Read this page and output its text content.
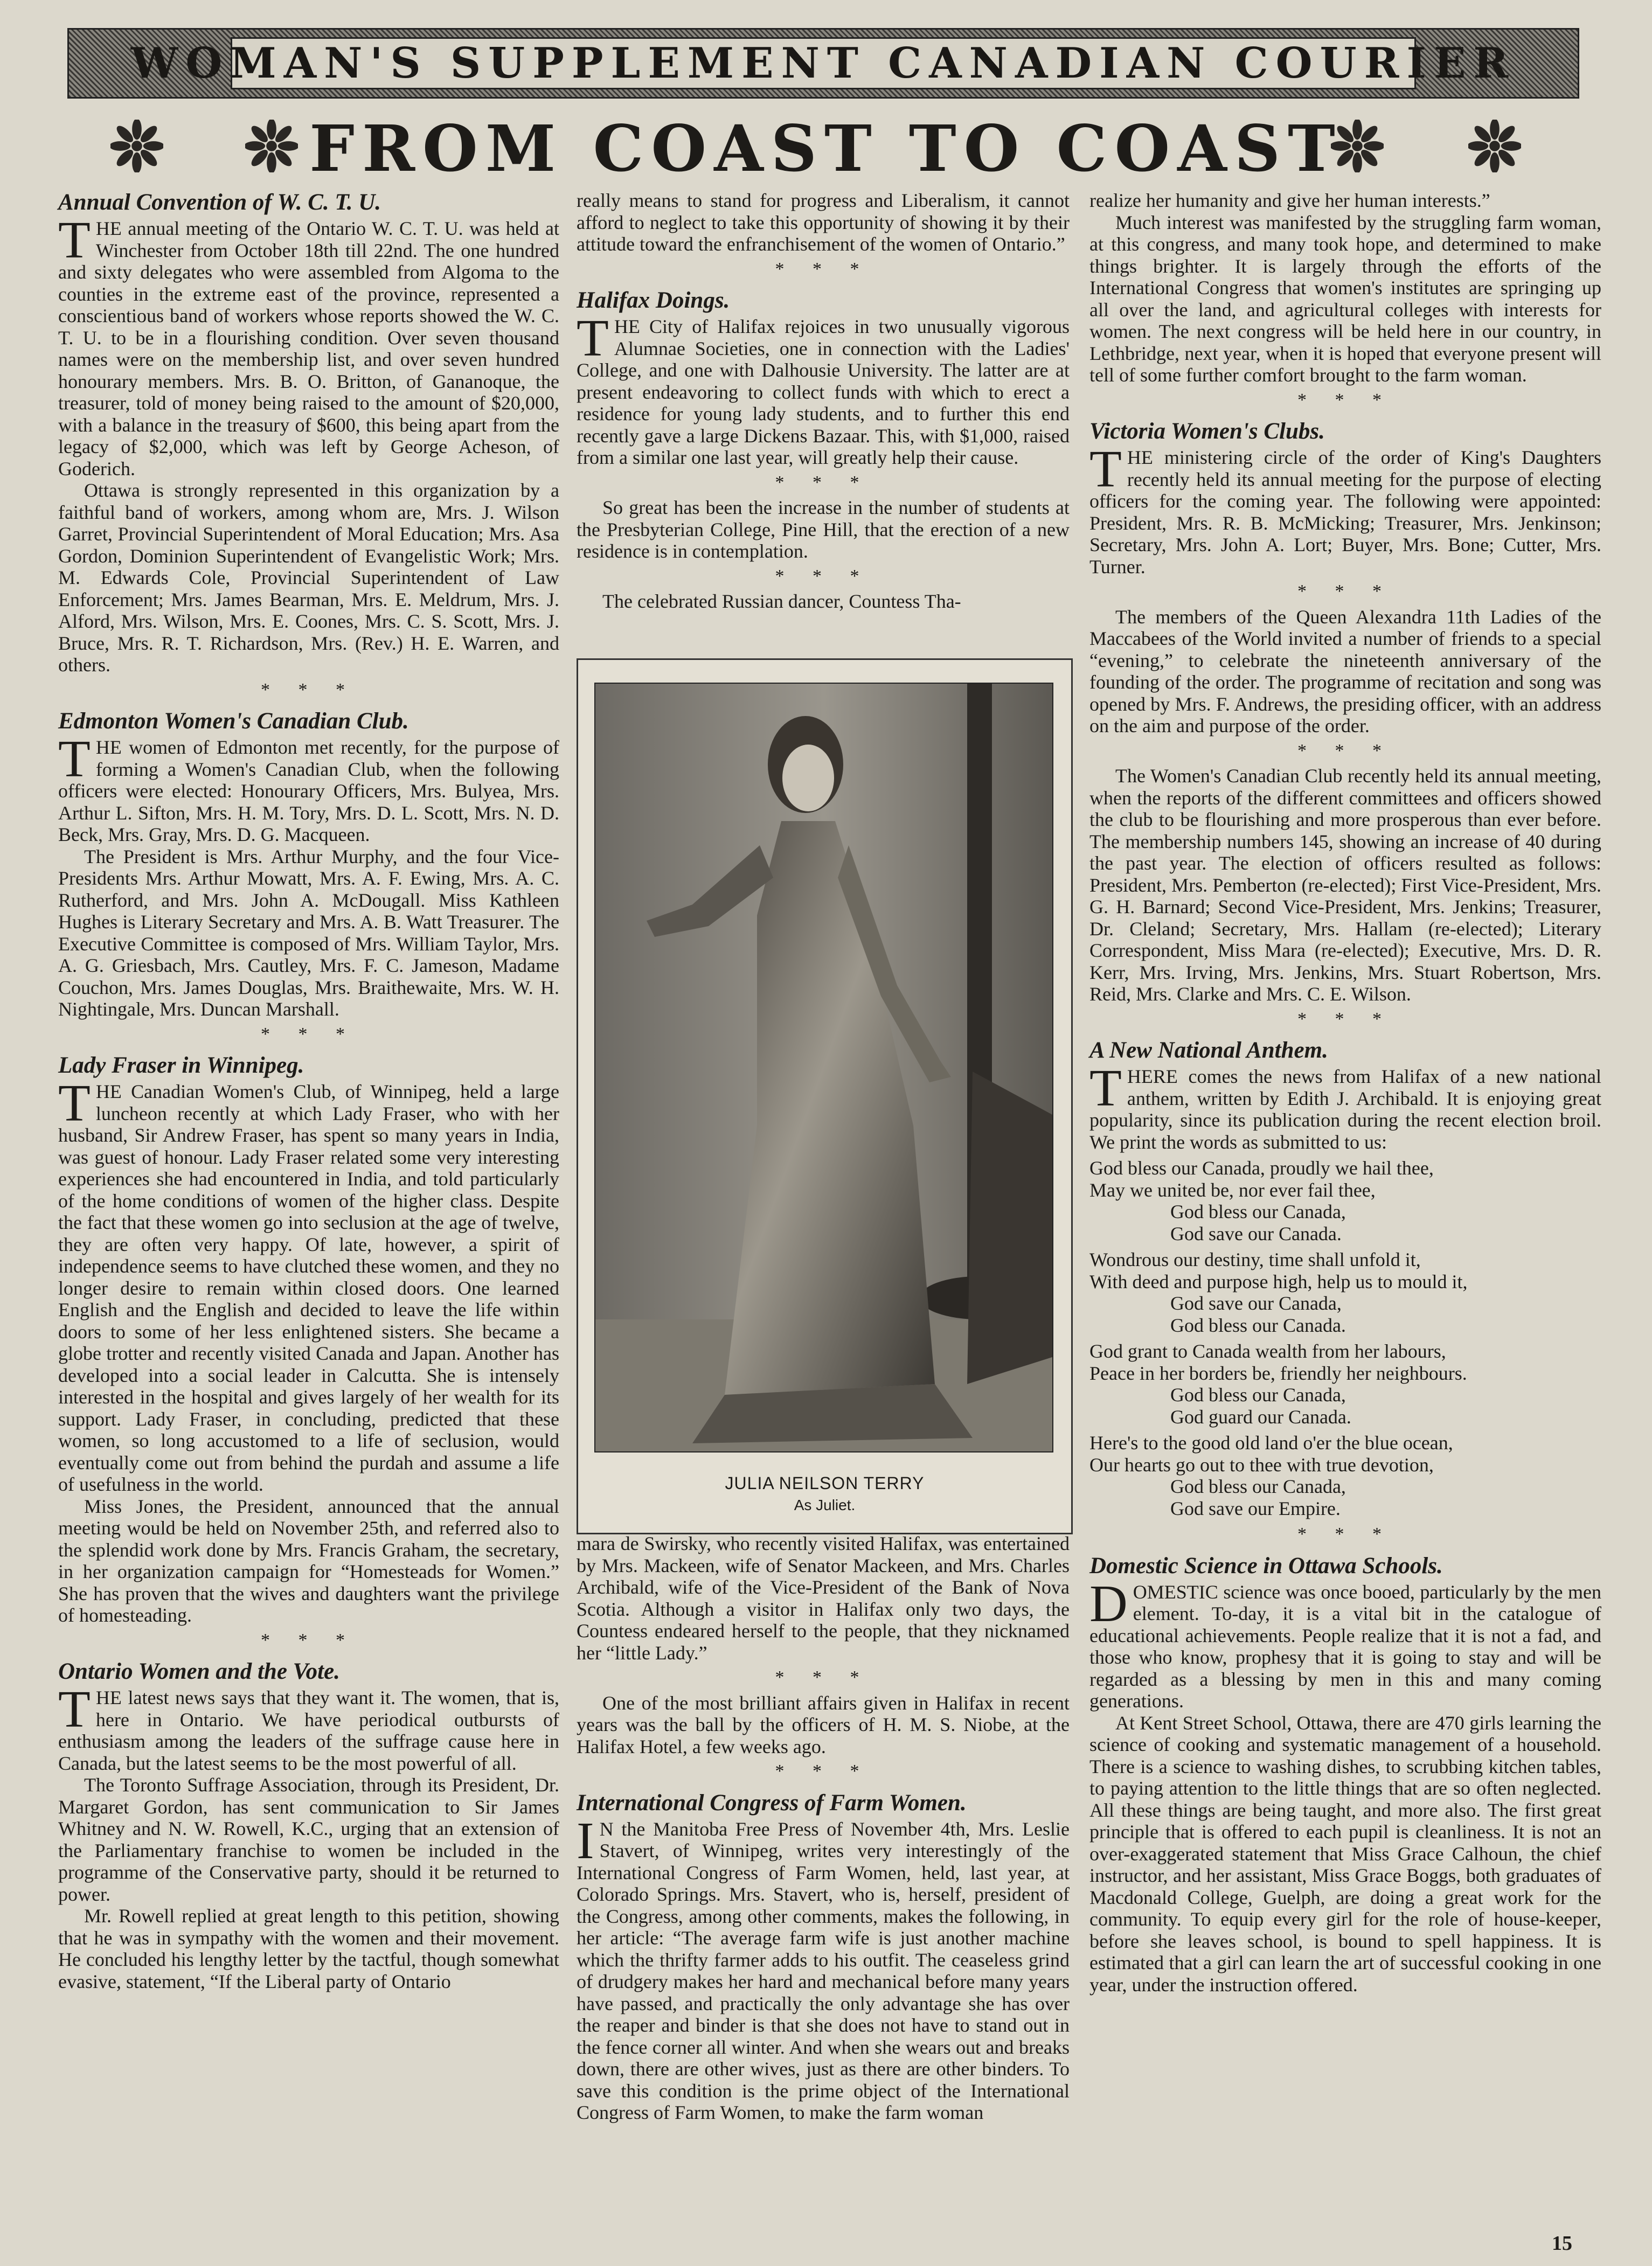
WOMAN'S SUPPLEMENT CANADIAN COURIER
FROM COAST TO COAST
Annual Convention of W. C. T. U.

THE annual meeting of the Ontario W. C. T. U. was held at Winchester from October 18th till 22nd. The one hundred and sixty delegates who were assembled from Algoma to the counties in the extreme east of the province, represented a conscientious band of workers whose reports showed the W. C. T. U. to be in a flourishing condition. Over seven thousand names were on the membership list, and over seven hundred honourary members. Mrs. B. O. Britton, of Gananoque, the treasurer, told of money being raised to the amount of $20,000, with a balance in the treasury of $600, this being apart from the legacy of $2,000, which was left by George Acheson, of Goderich.

Ottawa is strongly represented in this organization by a faithful band of workers, among whom are, Mrs. J. Wilson Garret, Provincial Superintendent of Moral Education; Mrs. Asa Gordon, Dominion Superintendent of Evangelistic Work; Mrs. M. Edwards Cole, Provincial Superintendent of Law Enforcement; Mrs. James Bearman, Mrs. E. Meldrum, Mrs. J. Alford, Mrs. Wilson, Mrs. E. Coones, Mrs. C. S. Scott, Mrs. J. Bruce, Mrs. R. T. Richardson, Mrs. (Rev.) H. E. Warren, and others.

* * *
Edmonton Women's Canadian Club.

THE women of Edmonton met recently, for the purpose of forming a Women's Canadian Club, when the following officers were elected: Honourary Officers, Mrs. Bulyea, Mrs. Arthur L. Sifton, Mrs. H. M. Tory, Mrs. D. L. Scott, Mrs. N. D. Beck, Mrs. Gray, Mrs. D. G. Macqueen.

The President is Mrs. Arthur Murphy, and the four Vice-Presidents Mrs. Arthur Mowatt, Mrs. A. F. Ewing, Mrs. A. C. Rutherford, and Mrs. John A. McDougall. Miss Kathleen Hughes is Literary Secretary and Mrs. A. B. Watt Treasurer. The Executive Committee is composed of Mrs. William Taylor, Mrs. A. G. Griesbach, Mrs. Cautley, Mrs. F. C. Jameson, Madame Couchon, Mrs. James Douglas, Mrs. Braithewaite, Mrs. W. H. Nightingale, Mrs. Duncan Marshall.

* * *
Lady Fraser in Winnipeg.

THE Canadian Women's Club, of Winnipeg, held a large luncheon recently at which Lady Fraser, who with her husband, Sir Andrew Fraser, has spent so many years in India, was guest of honour. Lady Fraser related some very interesting experiences she had encountered in India, and told particularly of the home conditions of women of the higher class. Despite the fact that these women go into seclusion at the age of twelve, they are often very happy. Of late, however, a spirit of independence seems to have clutched these women, and they no longer desire to remain within closed doors. One learned English and the English and decided to leave the life within doors to some of her less enlightened sisters. She became a globe trotter and recently visited Canada and Japan. Another has developed into a social leader in Calcutta. She is intensely interested in the hospital and gives largely of her wealth for its support. Lady Fraser, in concluding, predicted that these women, so long accustomed to a life of seclusion, would eventually come out from behind the purdah and assume a life of usefulness in the world.

Miss Jones, the President, announced that the annual meeting would be held on November 25th, and referred also to the splendid work done by Mrs. Francis Graham, the secretary, in her organization campaign for “Homesteads for Women.” She has proven that the wives and daughters want the privilege of homesteading.

* * *
Ontario Women and the Vote.

THE latest news says that they want it. The women, that is, here in Ontario. We have periodical outbursts of enthusiasm among the leaders of the suffrage cause here in Canada, but the latest seems to be the most powerful of all.

The Toronto Suffrage Association, through its President, Dr. Margaret Gordon, has sent communication to Sir James Whitney and N. W. Rowell, K.C., urging that an extension of the Parliamentary franchise to women be included in the programme of the Conservative party, should it be returned to power.

Mr. Rowell replied at great length to this petition, showing that he was in sympathy with the women and their movement. He concluded his lengthy letter by the tactful, though somewhat evasive, statement, “If the Liberal party of Ontario

really means to stand for progress and Liberalism, it cannot afford to neglect to take this opportunity of showing it by their attitude toward the enfranchisement of the women of Ontario.”

* * *
Halifax Doings.

THE City of Halifax rejoices in two unusually vigorous Alumnae Societies, one in connection with the Ladies' College, and one with Dalhousie University. The latter are at present endeavoring to collect funds with which to erect a residence for young lady students, and to further this end recently gave a large Dickens Bazaar. This, with $1,000, raised from a similar one last year, will greatly help their cause.

* * *

So great has been the increase in the number of students at the Presbyterian College, Pine Hill, that the erection of a new residence is in contemplation.

* * *

The celebrated Russian dancer, Countess Tha-

JULIA NEILSON TERRY
As Juliet.

mara de Swirsky, who recently visited Halifax, was entertained by Mrs. Mackeen, wife of Senator Mackeen, and Mrs. Charles Archibald, wife of the Vice-President of the Bank of Nova Scotia. Although a visitor in Halifax only two days, the Countess endeared herself to the people, that they nicknamed her “little Lady.”

* * *

One of the most brilliant affairs given in Halifax in recent years was the ball by the officers of H. M. S. Niobe, at the Halifax Hotel, a few weeks ago.

* * *
International Congress of Farm Women.

IN the Manitoba Free Press of November 4th, Mrs. Leslie Stavert, of Winnipeg, writes very interestingly of the International Congress of Farm Women, held, last year, at Colorado Springs. Mrs. Stavert, who is, herself, president of the Congress, among other comments, makes the following, in her article: “The average farm wife is just another machine which the thrifty farmer adds to his outfit. The ceaseless grind of drudgery makes her hard and mechanical before many years have passed, and practically the only advantage she has over the reaper and binder is that she does not have to stand out in the fence corner all winter. And when she wears out and breaks down, there are other wives, just as there are other binders. To save this condition is the prime object of the International Congress of Farm Women, to make the farm woman

realize her humanity and give her human interests.”

Much interest was manifested by the struggling farm woman, at this congress, and many took hope, and determined to make things brighter. It is largely through the efforts of the International Congress that women's institutes are springing up all over the land, and agricultural colleges with interests for women. The next congress will be held here in our country, in Lethbridge, next year, when it is hoped that everyone present will tell of some further comfort brought to the farm woman.

* * *
Victoria Women's Clubs.

THE ministering circle of the order of King's Daughters recently held its annual meeting for the purpose of electing officers for the coming year. The following were appointed: President, Mrs. R. B. McMicking; Treasurer, Mrs. Jenkinson; Secretary, Mrs. John A. Lort; Buyer, Mrs. Bone; Cutter, Mrs. Turner.

* * *

The members of the Queen Alexandra 11th Ladies of the Maccabees of the World invited a number of friends to a special “evening,” to celebrate the nineteenth anniversary of the founding of the order. The programme of recitation and song was opened by Mrs. F. Andrews, the presiding officer, with an address on the aim and purpose of the order.

* * *

The Women's Canadian Club recently held its annual meeting, when the reports of the different committees and officers showed the club to be flourishing and more prosperous than ever before. The membership numbers 145, showing an increase of 40 during the past year. The election of officers resulted as follows: President, Mrs. Pemberton (re-elected); First Vice-President, Mrs. G. H. Barnard; Second Vice-President, Mrs. Jenkins; Treasurer, Dr. Cleland; Secretary, Mrs. Hallam (re-elected); Literary Correspondent, Miss Mara (re-elected); Executive, Mrs. D. R. Kerr, Mrs. Irving, Mrs. Jenkins, Mrs. Stuart Robertson, Mrs. Reid, Mrs. Clarke and Mrs. C. E. Wilson.

* * *
A New National Anthem.

THERE comes the news from Halifax of a new national anthem, written by Edith J. Archibald. It is enjoying great popularity, since its publication during the recent election broil. We print the words as submitted to us:

God bless our Canada, proudly we hail thee,
May we united be, nor ever fail thee,
God bless our Canada,
God save our Canada.
Wondrous our destiny, time shall unfold it,
With deed and purpose high, help us to mould it,
God save our Canada,
God bless our Canada.
God grant to Canada wealth from her labours,
Peace in her borders be, friendly her neighbours.
God bless our Canada,
God guard our Canada.
Here's to the good old land o'er the blue ocean,
Our hearts go out to thee with true devotion,
God bless our Canada,
God save our Empire.
* * *
Domestic Science in Ottawa Schools.

DOMESTIC science was once booed, particularly by the men element. To-day, it is a vital bit in the catalogue of educational achievements. People realize that it is not a fad, and those who know, prophesy that it is going to stay and will be regarded as a blessing by men in this and many coming generations.

At Kent Street School, Ottawa, there are 470 girls learning the science of cooking and systematic management of a household. There is a science to washing dishes, to scrubbing kitchen tables, to paying attention to the little things that are so often neglected. All these things are being taught, and more also. The first great principle that is offered to each pupil is cleanliness. It is not an over-exaggerated statement that Miss Grace Calhoun, the chief instructor, and her assistant, Miss Grace Boggs, both graduates of Macdonald College, Guelph, are doing a great work for the community. To equip every girl for the role of house-keeper, before she leaves school, is bound to spell happiness. It is estimated that a girl can learn the art of successful cooking in one year, under the instruction offered.

15
